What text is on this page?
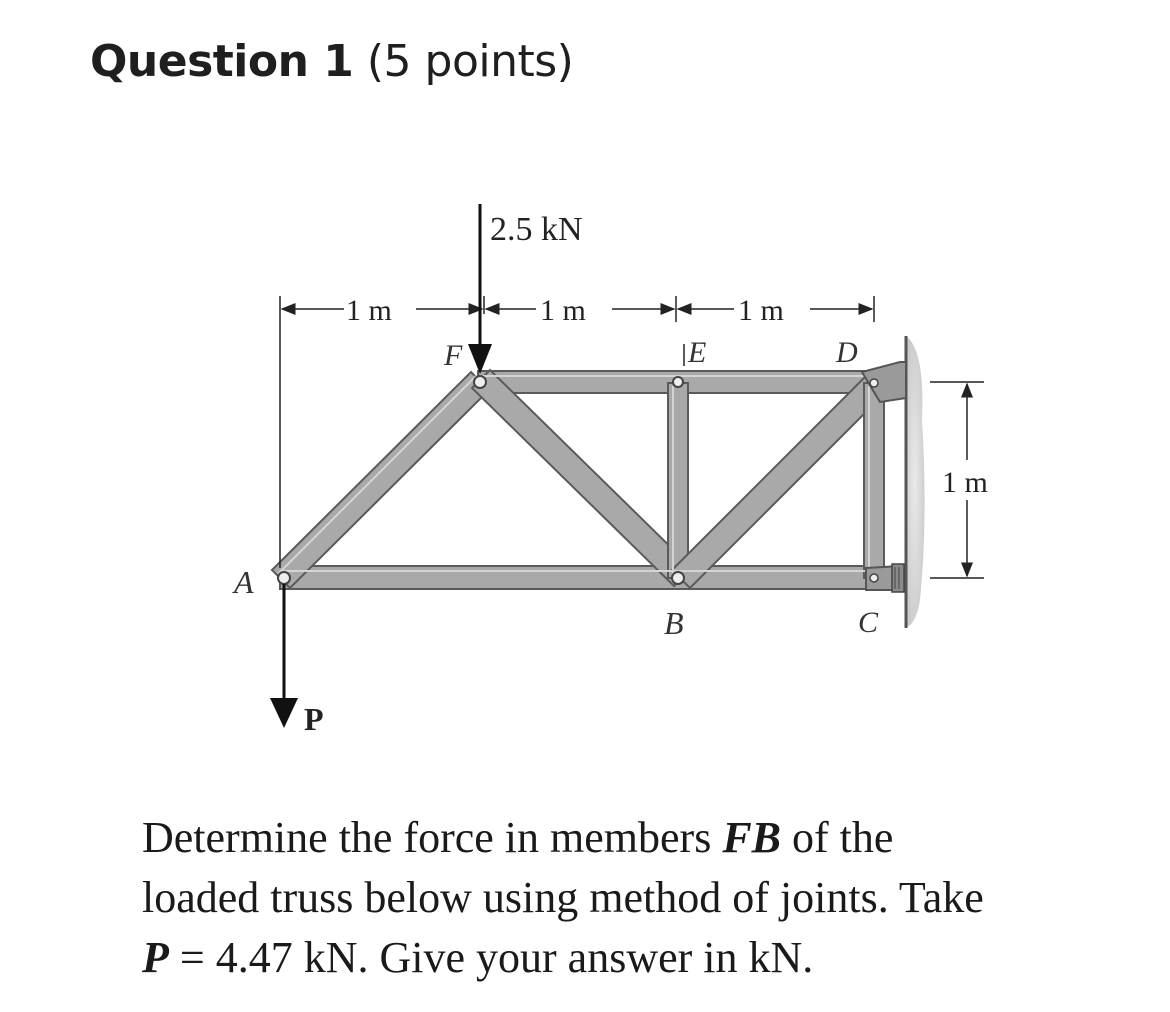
Question 1 (5 points)
1 m	1 m	1 m
1 m
2.5 kN
P
A
F	E	D
B	C
Determine the force in members FB of the
loaded truss below using method of joints. Take
P = 4.47 kN. Give your answer in kN.
